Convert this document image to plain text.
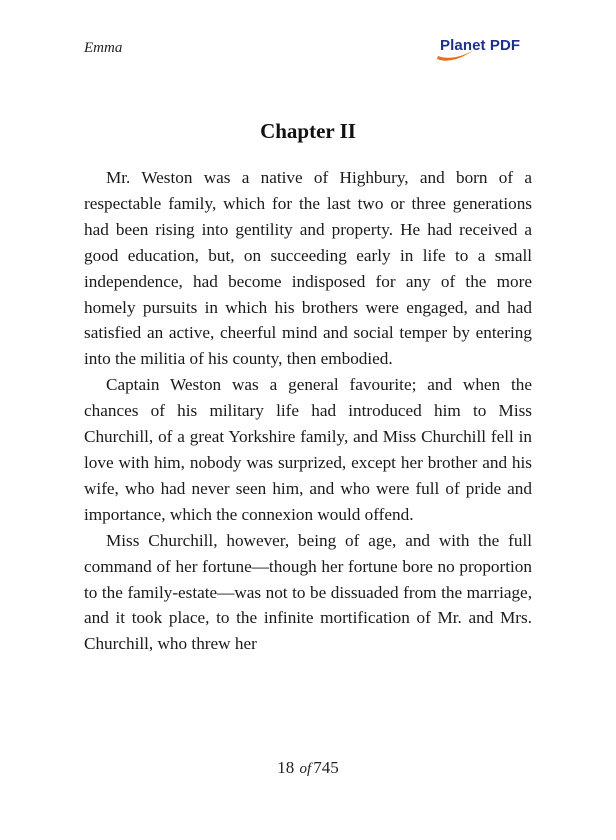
Emma	Planet PDF
Chapter II

Mr. Weston was a native of Highbury, and born of a respectable family, which for the last two or three generations had been rising into gentility and property. He had received a good education, but, on succeeding early in life to a small independence, had become indisposed for any of the more homely pursuits in which his brothers were engaged, and had satisfied an active, cheerful mind and social temper by entering into the militia of his county, then embodied.

Captain Weston was a general favourite; and when the chances of his military life had introduced him to Miss Churchill, of a great Yorkshire family, and Miss Churchill fell in love with him, nobody was surprized, except her brother and his wife, who had never seen him, and who were full of pride and importance, which the connexion would offend.

Miss Churchill, however, being of age, and with the full command of her fortune—though her fortune bore no proportion to the family-estate—was not to be dissuaded from the marriage, and it took place, to the infinite mortification of Mr. and Mrs. Churchill, who threw her

18 of 745
